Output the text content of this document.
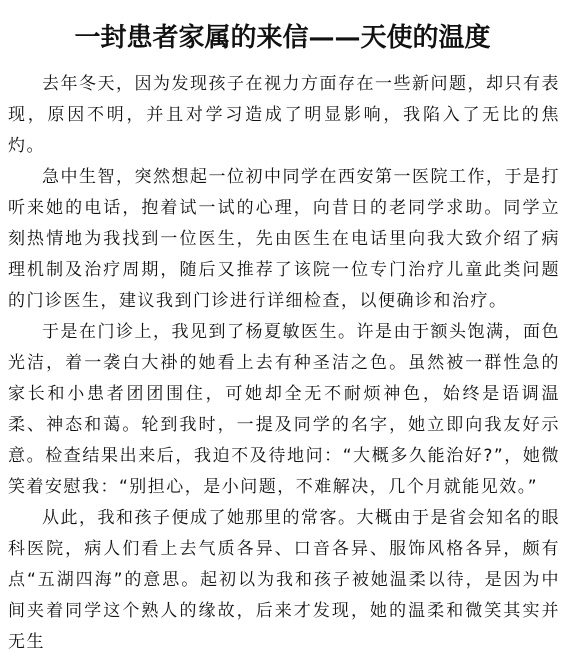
一封患者家属的来信——天使的温度

去年冬天，因为发现孩子在视力方面存在一些新问题，却只有表现，原因不明，并且对学习造成了明显影响，我陷入了无比的焦灼。

急中生智，突然想起一位初中同学在西安第一医院工作，于是打听来她的电话，抱着试一试的心理，向昔日的老同学求助。同学立刻热情地为我找到一位医生，先由医生在电话里向我大致介绍了病理机制及治疗周期，随后又推荐了该院一位专门治疗儿童此类问题的门诊医生，建议我到门诊进行详细检查，以便确诊和治疗。

于是在门诊上，我见到了杨夏敏医生。许是由于额头饱满，面色光洁，着一袭白大褂的她看上去有种圣洁之色。虽然被一群性急的家长和小患者团团围住，可她却全无不耐烦神色，始终是语调温柔、神态和蔼。轮到我时，一提及同学的名字，她立即向我友好示意。检查结果出来后，我迫不及待地问：“大概多久能治好?”，她微笑着安慰我：“别担心，是小问题，不难解决，几个月就能见效。”

从此，我和孩子便成了她那里的常客。大概由于是省会知名的眼科医院，病人们看上去气质各异、口音各异、服饰风格各异，颇有点“五湖四海”的意思。起初以为我和孩子被她温柔以待，是因为中间夹着同学这个熟人的缘故，后来才发现，她的温柔和微笑其实并无生
